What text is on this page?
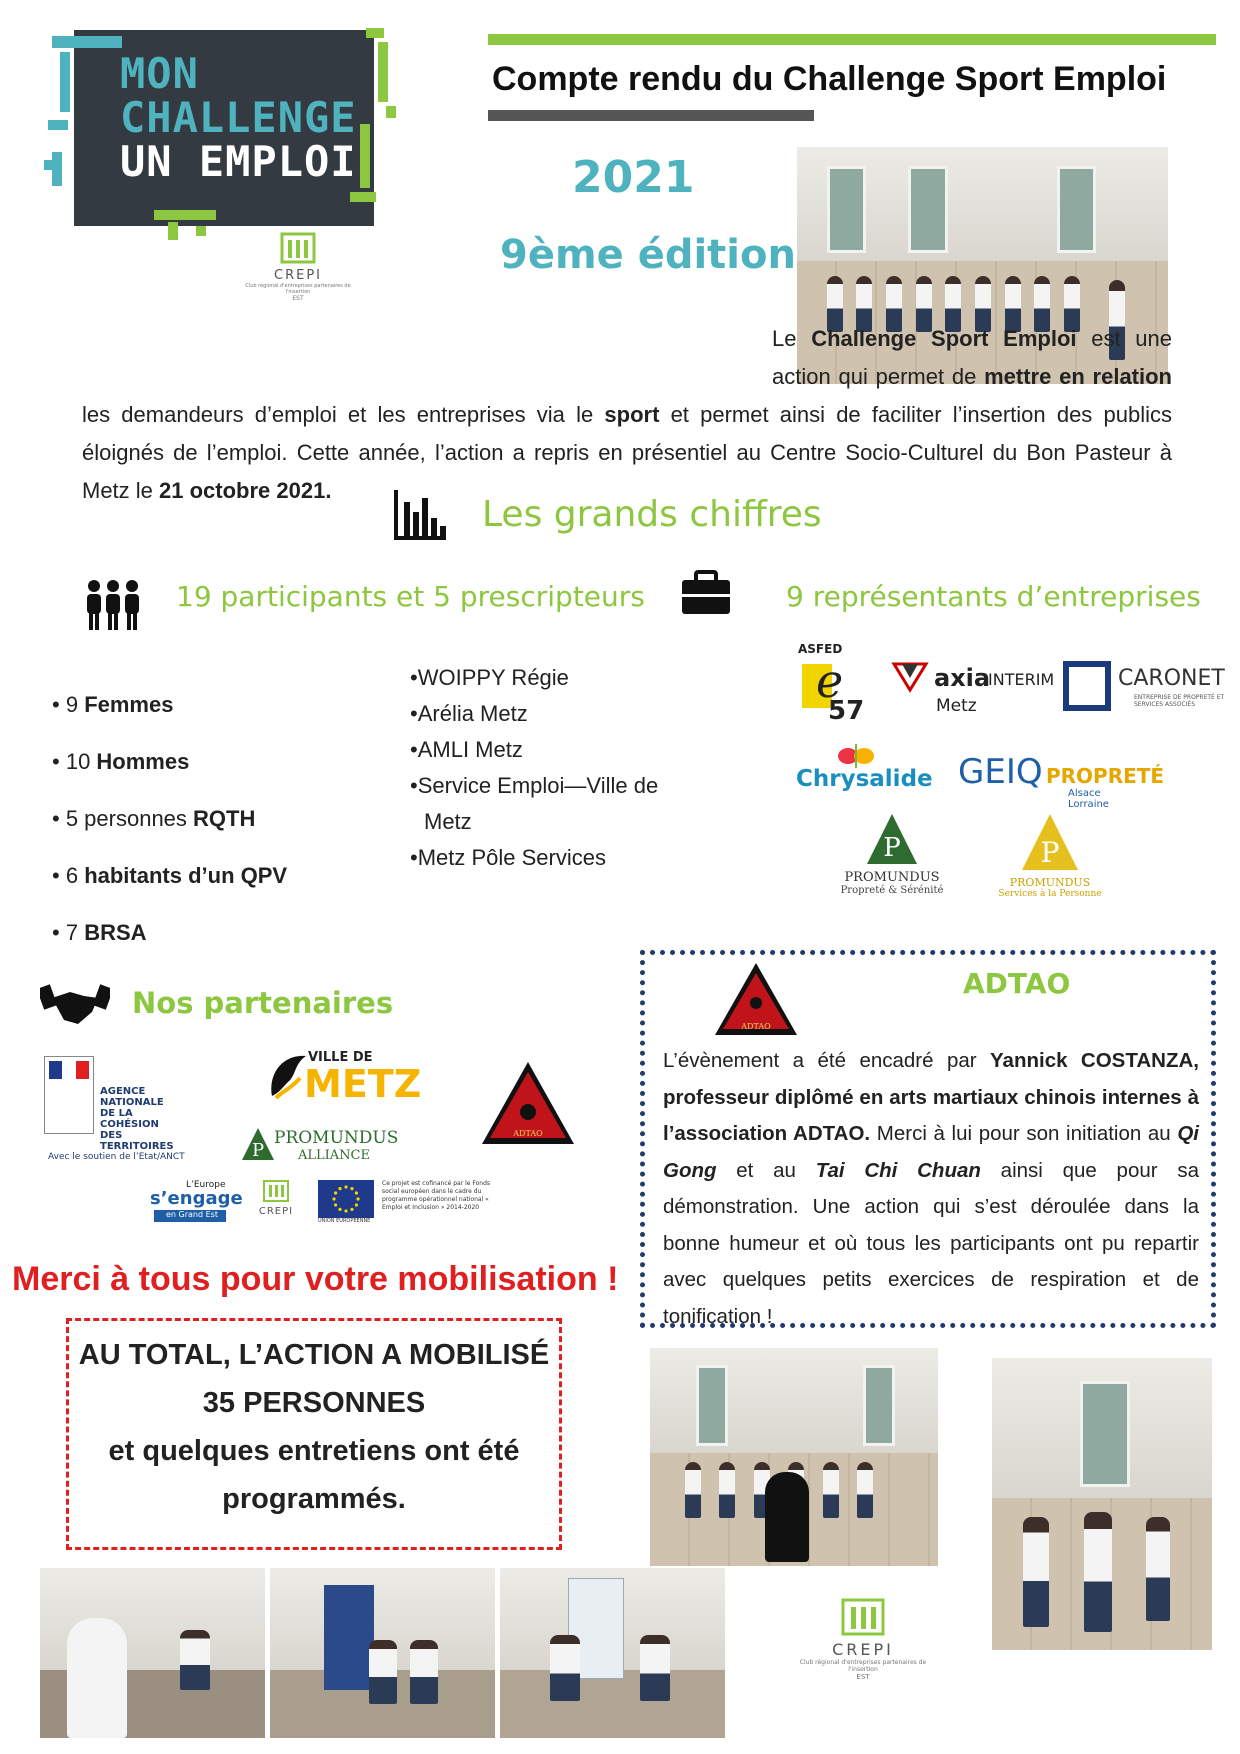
MON
CHALLENGE
UN EMPLOI !
CREPI
Club régional d'entreprises partenaires de l'insertion
EST
Compte rendu du Challenge Sport Emploi
2021
9ème édition
Le Challenge Sport Emploi est une action qui permet de mettre en relation les demandeurs d’emploi et les entreprises via le sport et permet ainsi de faciliter l’insertion des publics éloignés de l’emploi. Cette année, l’action a repris en présentiel au Centre Socio-Culturel du Bon Pasteur à Metz le 21 octobre 2021.
Les grands chiffres
19 participants et 5 prescripteurs	9 représentants d’entreprises
• 9 Femmes
• 10 Hommes
• 5 personnes RQTH
• 6 habitants d’un QPV
• 7 BRSA
•WOIPPY Régie
•Arélia Metz
•AMLI Metz
•Service Emploi—Ville de Metz
•Metz Pôle Services
ASFED
e
57
axia
INTERIM
Metz
CARONET
ENTREPRISE DE PROPRETÉ ET SERVICES ASSOCIÉS
Chrysalide GEIQ PROPRETÉ
Alsace Lorraine
P
PROMUNDUS
Propreté & Sérénité
P
PROMUNDUS
Services à la Personne
Nos partenaires
AGENCE
NATIONALE
DE LA COHÉSION
DES TERRITOIRES
Avec le soutien de l’Etat/ANCT
VILLE DE
METZ
ADTAO
P
PROMUNDUS
ALLIANCE
L’Europe
s’engage
en Grand Est	CREPI
UNION EUROPÉENNE
Ce projet est cofinancé par le Fonds social européen dans le cadre du programme opérationnel national « Emploi et Inclusion » 2014-2020
Merci à tous pour votre mobilisation !
AU TOTAL, L’ACTION A MOBILISÉ
35 PERSONNES
et quelques entretiens ont été
programmés.
ADTAO
ADTAO
L’évènement a été encadré par Yannick COSTANZA, professeur diplômé en arts martiaux chinois internes à l’association ADTAO. Merci à lui pour son initiation au Qi Gong et au Tai Chi Chuan ainsi que pour sa démonstration. Une action qui s’est déroulée dans la bonne humeur et où tous les participants ont pu repartir avec quelques petits exercices de respiration et de tonification !
CREPI
Club régional d'entreprises partenaires de l'insertion
EST
